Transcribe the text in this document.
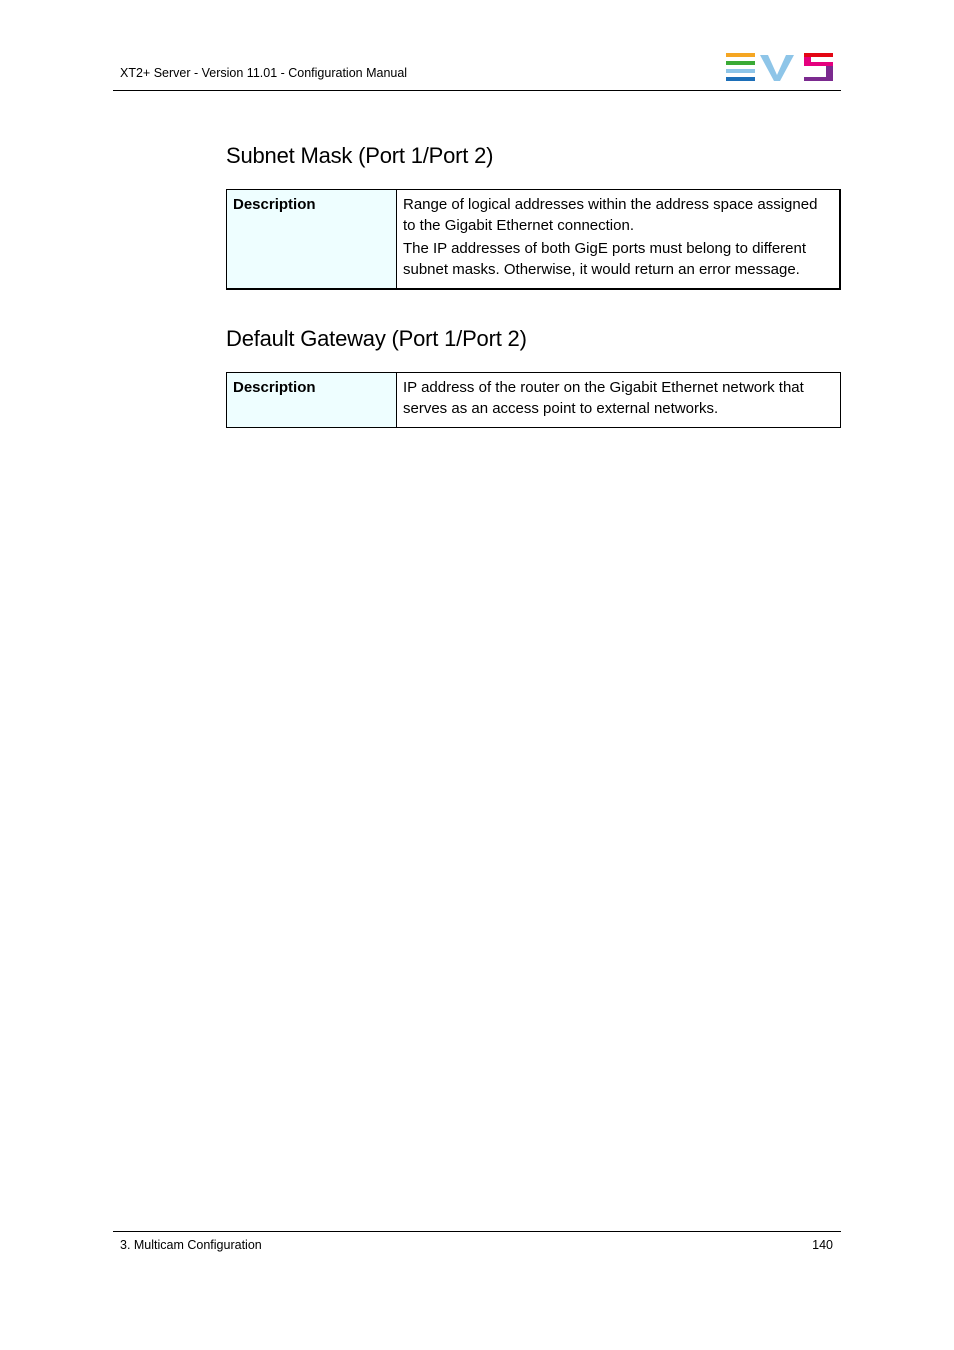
XT2+ Server - Version 11.01 - Configuration Manual
Subnet Mask (Port 1/Port 2)
Description	Range of logical addresses within the address space assigned to the Gigabit Ethernet connection.

The IP addresses of both GigE ports must belong to different subnet masks. Otherwise, it would return an error message.

Default Gateway (Port 1/Port 2)
Description	IP address of the router on the Gigabit Ethernet network that serves as an access point to external networks.

3. Multicam Configuration	140
